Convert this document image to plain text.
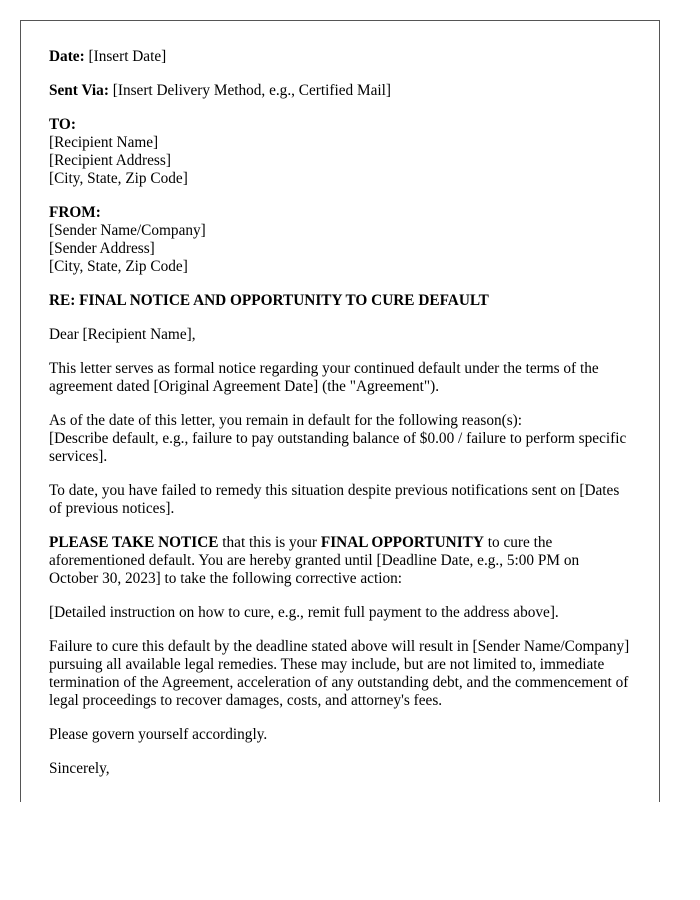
Date: [Insert Date]

Sent Via: [Insert Delivery Method, e.g., Certified Mail]

TO:
[Recipient Name]
[Recipient Address]
[City, State, Zip Code]

FROM:
[Sender Name/Company]
[Sender Address]
[City, State, Zip Code]

RE: FINAL NOTICE AND OPPORTUNITY TO CURE DEFAULT

Dear [Recipient Name],

This letter serves as formal notice regarding your continued default under the terms of the agreement dated [Original Agreement Date] (the "Agreement").

As of the date of this letter, you remain in default for the following reason(s):
[Describe default, e.g., failure to pay outstanding balance of $0.00 / failure to perform specific services].

To date, you have failed to remedy this situation despite previous notifications sent on [Dates of previous notices].

PLEASE TAKE NOTICE that this is your FINAL OPPORTUNITY to cure the aforementioned default. You are hereby granted until [Deadline Date, e.g., 5:00 PM on October 30, 2023] to take the following corrective action:

[Detailed instruction on how to cure, e.g., remit full payment to the address above].

Failure to cure this default by the deadline stated above will result in [Sender Name/Company] pursuing all available legal remedies. These may include, but are not limited to, immediate termination of the Agreement, acceleration of any outstanding debt, and the commencement of legal proceedings to recover damages, costs, and attorney's fees.

Please govern yourself accordingly.

Sincerely,
